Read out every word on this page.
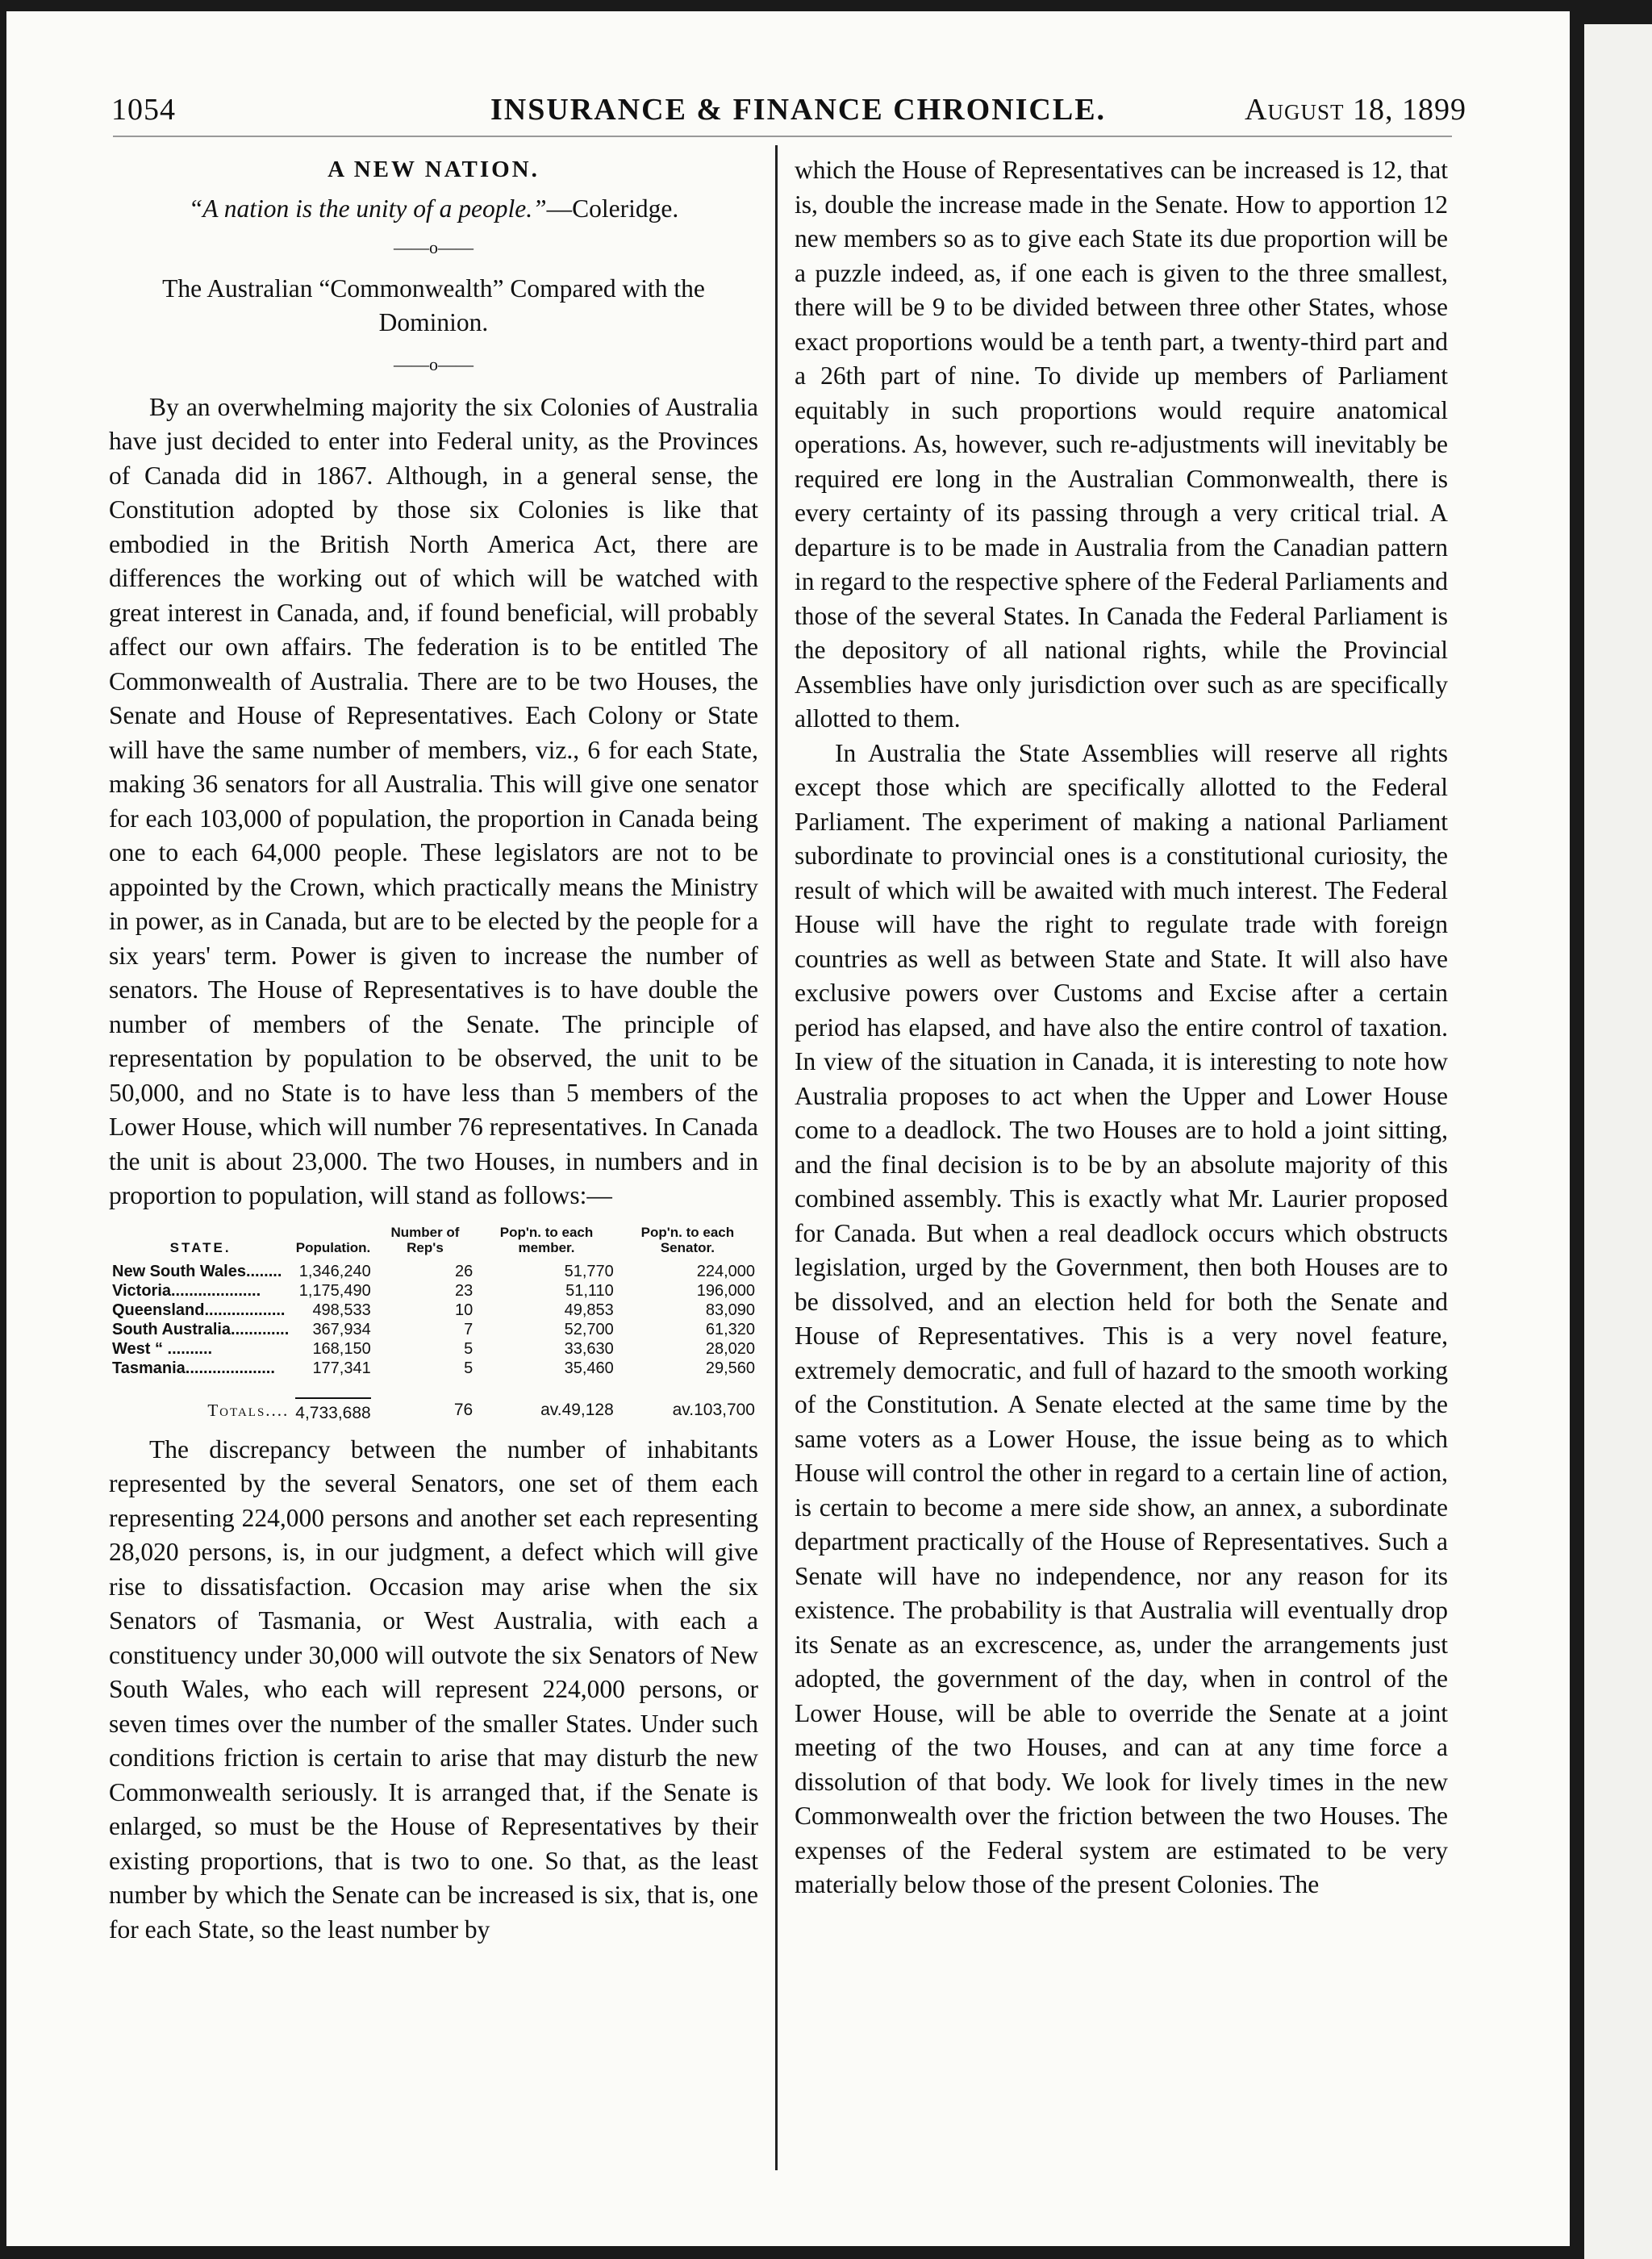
1054	INSURANCE & FINANCE CHRONICLE.	August 18, 1899

A NEW NATION.

“A nation is the unity of a people.”—Coleridge.

——o——

The Australian “Commonwealth” Compared with the Dominion.

——o——

By an overwhelming majority the six Colonies of Australia have just decided to enter into Federal unity, as the Provinces of Canada did in 1867. Although, in a general sense, the Constitution adopted by those six Colonies is like that embodied in the British North America Act, there are differences the working out of which will be watched with great interest in Canada, and, if found beneficial, will probably affect our own affairs. The federation is to be entitled The Commonwealth of Australia. There are to be two Houses, the Senate and House of Representatives. Each Colony or State will have the same number of members, viz., 6 for each State, making 36 senators for all Australia. This will give one senator for each 103,000 of population, the proportion in Canada being one to each 64,000 people. These legislators are not to be appointed by the Crown, which practically means the Ministry in power, as in Canada, but are to be elected by the people for a six years' term. Power is given to increase the number of senators. The House of Representatives is to have double the number of members of the Senate. The principle of representation by population to be observed, the unit to be 50,000, and no State is to have less than 5 members of the Lower House, which will number 76 representatives. In Canada the unit is about 23,000. The two Houses, in numbers and in proportion to population, will stand as follows:—

STATE.	Population.	Number of Rep's	Pop'n. to each member.	Pop'n. to each Senator.
New South Wales........	1,346,240	26	51,770	224,000
Victoria....................	1,175,490	23	51,110	196,000
Queensland..................	498,533	10	49,853	83,090
South Australia.............	367,934	7	52,700	61,320
West “ ..........	168,150	5	33,630	28,020
Tasmania....................	177,341	5	35,460	29,560
Totals....	4,733,688	76	av.49,128	av.103,700

The discrepancy between the number of inhabitants represented by the several Senators, one set of them each representing 224,000 persons and another set each representing 28,020 persons, is, in our judgment, a defect which will give rise to dissatisfaction. Occasion may arise when the six Senators of Tasmania, or West Australia, with each a constituency under 30,000 will outvote the six Senators of New South Wales, who each will represent 224,000 persons, or seven times over the number of the smaller States. Under such conditions friction is certain to arise that may disturb the new Commonwealth seriously. It is arranged that, if the Senate is enlarged, so must be the House of Representatives by their existing proportions, that is two to one. So that, as the least number by which the Senate can be increased is six, that is, one for each State, so the least number by

which the House of Representatives can be increased is 12, that is, double the increase made in the Senate. How to apportion 12 new members so as to give each State its due proportion will be a puzzle indeed, as, if one each is given to the three smallest, there will be 9 to be divided between three other States, whose exact proportions would be a tenth part, a twenty-third part and a 26th part of nine. To divide up members of Parliament equitably in such proportions would require anatomical operations. As, however, such re-adjustments will inevitably be required ere long in the Australian Commonwealth, there is every certainty of its passing through a very critical trial. A departure is to be made in Australia from the Canadian pattern in regard to the respective sphere of the Federal Parliaments and those of the several States. In Canada the Federal Parliament is the depository of all national rights, while the Provincial Assemblies have only jurisdiction over such as are specifically allotted to them.

In Australia the State Assemblies will reserve all rights except those which are specifically allotted to the Federal Parliament. The experiment of making a national Parliament subordinate to provincial ones is a constitutional curiosity, the result of which will be awaited with much interest. The Federal House will have the right to regulate trade with foreign countries as well as between State and State. It will also have exclusive powers over Customs and Excise after a certain period has elapsed, and have also the entire control of taxation. In view of the situation in Canada, it is interesting to note how Australia proposes to act when the Upper and Lower House come to a deadlock. The two Houses are to hold a joint sitting, and the final decision is to be by an absolute majority of this combined assembly. This is exactly what Mr. Laurier proposed for Canada. But when a real deadlock occurs which obstructs legislation, urged by the Government, then both Houses are to be dissolved, and an election held for both the Senate and House of Representatives. This is a very novel feature, extremely democratic, and full of hazard to the smooth working of the Constitution. A Senate elected at the same time by the same voters as a Lower House, the issue being as to which House will control the other in regard to a certain line of action, is certain to become a mere side show, an annex, a subordinate department practically of the House of Representatives. Such a Senate will have no independence, nor any reason for its existence. The probability is that Australia will eventually drop its Senate as an excrescence, as, under the arrangements just adopted, the government of the day, when in control of the Lower House, will be able to override the Senate at a joint meeting of the two Houses, and can at any time force a dissolution of that body. We look for lively times in the new Commonwealth over the friction between the two Houses. The expenses of the Federal system are estimated to be very materially below those of the present Colonies. The
